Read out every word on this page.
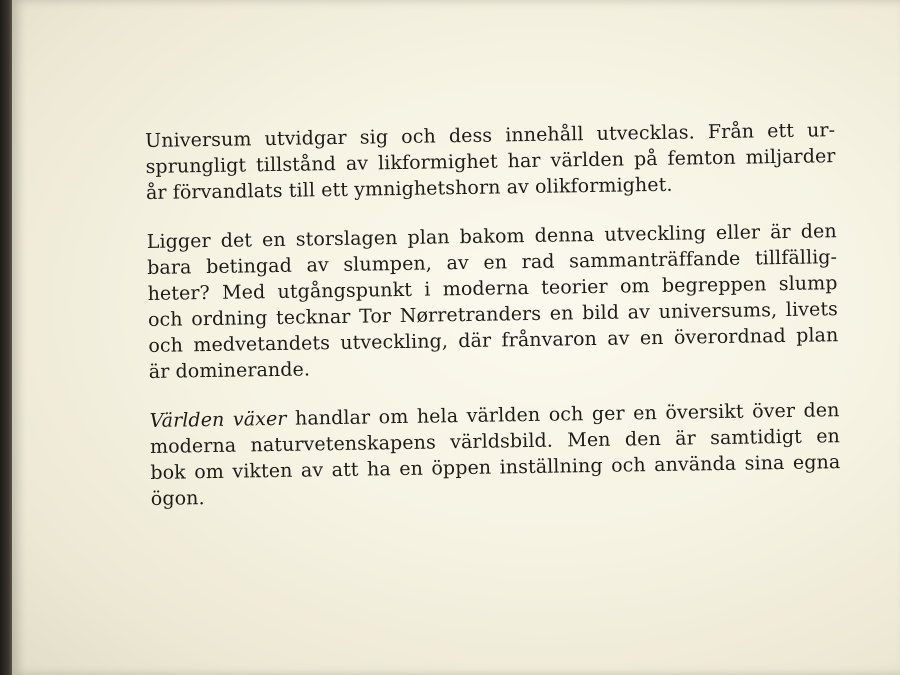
Universum utvidgar sig och dess innehåll utvecklas. Från ett ur-
sprungligt tillstånd av likformighet har världen på femton miljarder
år förvandlats till ett ymnighetshorn av olikformighet.

Ligger det en storslagen plan bakom denna utveckling eller är den
bara betingad av slumpen, av en rad sammanträffande tillfällig-
heter? Med utgångspunkt i moderna teorier om begreppen slump
och ordning tecknar Tor Nørretranders en bild av universums, livets
och medvetandets utveckling, där frånvaron av en överordnad plan
är dominerande.

Världen växer handlar om hela världen och ger en översikt över den
moderna naturvetenskapens världsbild. Men den är samtidigt en
bok om vikten av att ha en öppen inställning och använda sina egna
ögon.
